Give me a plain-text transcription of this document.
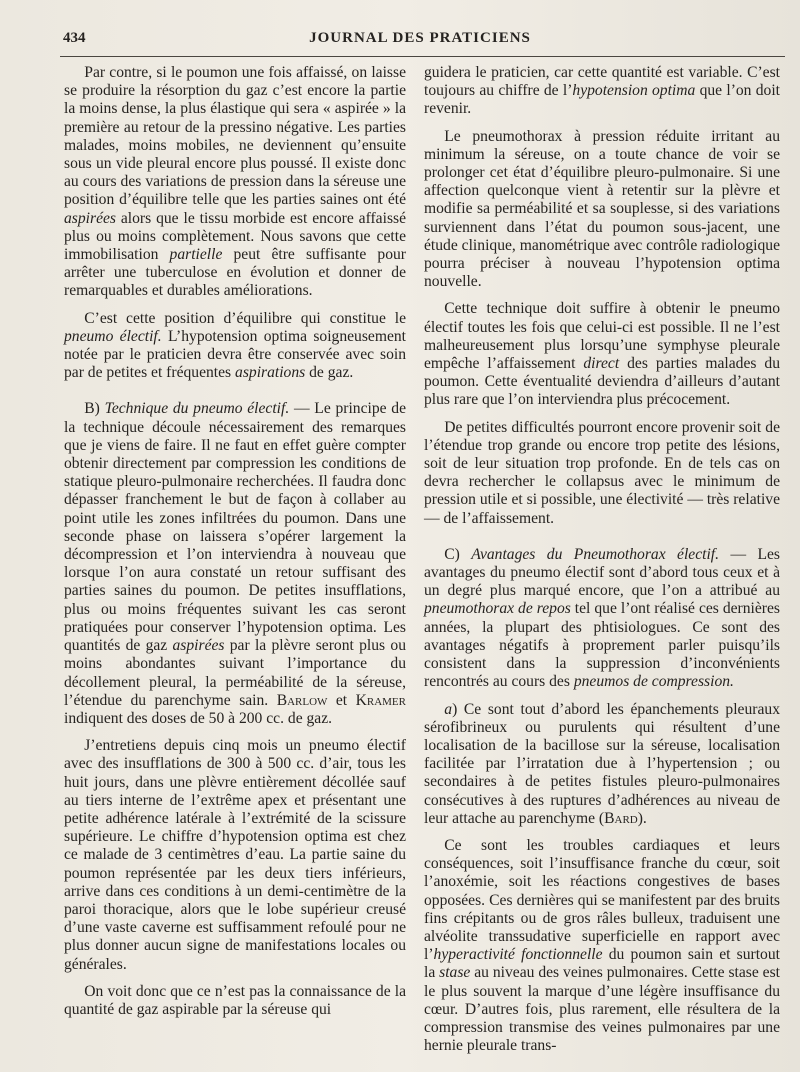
434	JOURNAL DES PRATICIENS

Par contre, si le poumon une fois affaissé, on laisse se produire la résorption du gaz c’est encore la partie la moins dense, la plus élastique qui sera « aspirée » la première au retour de la pressino négative. Les parties malades, moins mobiles, ne deviennent qu’ensuite sous un vide pleural encore plus poussé. Il existe donc au cours des variations de pression dans la séreuse une position d’équilibre telle que les parties saines ont été aspirées alors que le tissu morbide est encore affaissé plus ou moins complètement. Nous savons que cette immobilisation partielle peut être suffisante pour arrêter une tuberculose en évolution et donner de remarquables et durables améliorations.

C’est cette position d’équilibre qui constitue le pneumo électif. L’hypotension optima soigneusement notée par le praticien devra être conservée avec soin par de petites et fréquentes aspirations de gaz.

B) Technique du pneumo électif. — Le principe de la technique découle nécessairement des remarques que je viens de faire. Il ne faut en effet guère compter obtenir directement par compression les conditions de statique pleuro-pulmonaire recherchées. Il faudra donc dépasser franchement le but de façon à collaber au point utile les zones infiltrées du poumon. Dans une seconde phase on laissera s’opérer largement la décompression et l’on interviendra à nouveau que lorsque l’on aura constaté un retour suffisant des parties saines du poumon. De petites insufflations, plus ou moins fréquentes suivant les cas seront pratiquées pour conserver l’hypotension optima. Les quantités de gaz aspirées par la plèvre seront plus ou moins abondantes suivant l’importance du décollement pleural, la perméabilité de la séreuse, l’étendue du parenchyme sain. Barlow et Kramer indiquent des doses de 50 à 200 cc. de gaz.

J’entretiens depuis cinq mois un pneumo électif avec des insufflations de 300 à 500 cc. d’air, tous les huit jours, dans une plèvre entièrement décollée sauf au tiers interne de l’extrême apex et présentant une petite adhérence latérale à l’extrémité de la scissure supérieure. Le chiffre d’hypotension optima est chez ce malade de 3 centimètres d’eau. La partie saine du poumon représentée par les deux tiers inférieurs, arrive dans ces conditions à un demi-centimètre de la paroi thoracique, alors que le lobe supérieur creusé d’une vaste caverne est suffisamment refoulé pour ne plus donner aucun signe de manifestations locales ou générales.

On voit donc que ce n’est pas la connaissance de la quantité de gaz aspirable par la séreuse qui

guidera le praticien, car cette quantité est variable. C’est toujours au chiffre de l’hypotension optima que l’on doit revenir.

Le pneumothorax à pression réduite irritant au minimum la séreuse, on a toute chance de voir se prolonger cet état d’équilibre pleuro-pulmonaire. Si une affection quelconque vient à retentir sur la plèvre et modifie sa perméabilité et sa souplesse, si des variations surviennent dans l’état du poumon sous-jacent, une étude clinique, manométrique avec contrôle radiologique pourra préciser à nouveau l’hypotension optima nouvelle.

Cette technique doit suffire à obtenir le pneumo électif toutes les fois que celui-ci est possible. Il ne l’est malheureusement plus lorsqu’une symphyse pleurale empêche l’affaissement direct des parties malades du poumon. Cette éventualité deviendra d’ailleurs d’autant plus rare que l’on interviendra plus précocement.

De petites difficultés pourront encore provenir soit de l’étendue trop grande ou encore trop petite des lésions, soit de leur situation trop profonde. En de tels cas on devra rechercher le collapsus avec le minimum de pression utile et si possible, une électivité — très relative — de l’affaissement.

C) Avantages du Pneumothorax électif. — Les avantages du pneumo électif sont d’abord tous ceux et à un degré plus marqué encore, que l’on a attribué au pneumothorax de repos tel que l’ont réalisé ces dernières années, la plupart des phtisiologues. Ce sont des avantages négatifs à proprement parler puisqu’ils consistent dans la suppression d’inconvénients rencontrés au cours des pneumos de compression.

a) Ce sont tout d’abord les épanchements pleuraux sérofibrineux ou purulents qui résultent d’une localisation de la bacillose sur la séreuse, localisation facilitée par l’irratation due à l’hypertension ; ou secondaires à de petites fistules pleuro-pulmonaires consécutives à des ruptures d’adhérences au niveau de leur attache au parenchyme (Bard).

Ce sont les troubles cardiaques et leurs conséquences, soit l’insuffisance franche du cœur, soit l’anoxémie, soit les réactions congestives de bases opposées. Ces dernières qui se manifestent par des bruits fins crépitants ou de gros râles bulleux, traduisent une alvéolite transsudative superficielle en rapport avec l’hyperactivité fonctionnelle du poumon sain et surtout la stase au niveau des veines pulmonaires. Cette stase est le plus souvent la marque d’une légère insuffisance du cœur. D’autres fois, plus rarement, elle résultera de la compression transmise des veines pulmonaires par une hernie pleurale trans-
